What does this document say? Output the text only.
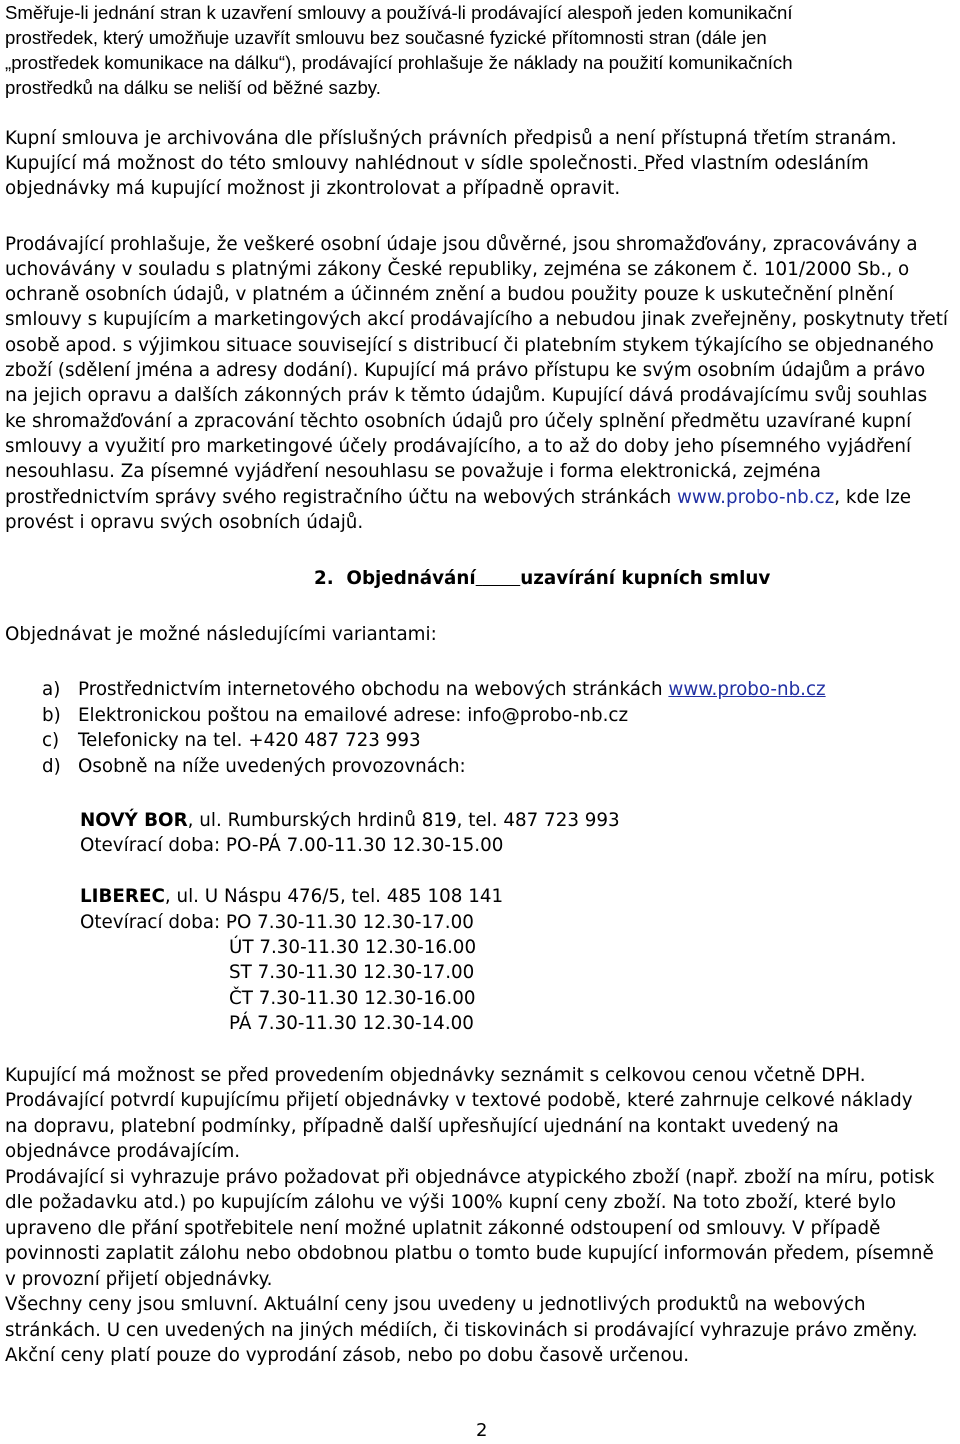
Směřuje-li jednání stran k uzavření smlouvy a používá-li prodávající alespoň jeden komunikační
prostředek, který umožňuje uzavřít smlouvu bez současné fyzické přítomnosti stran (dále jen
„prostředek komunikace na dálku“), prodávající prohlašuje že náklady na použití komunikačních
prostředků na dálku se neliší od běžné sazby.
Kupní smlouva je archivována dle příslušných právních předpisů a není přístupná třetím stranám.
Kupující má možnost do této smlouvy nahlédnout v sídle společnosti. Před vlastním odesláním
objednávky má kupující možnost ji zkontrolovat a případně opravit.
Prodávající prohlašuje, že veškeré osobní údaje jsou důvěrné, jsou shromažďovány, zpracovávány a
uchovávány v souladu s platnými zákony České republiky, zejména se zákonem č. 101/2000 Sb., o
ochraně osobních údajů, v platném a účinném znění a budou použity pouze k uskutečnění plnění
smlouvy s kupujícím a marketingových akcí prodávajícího a nebudou jinak zveřejněny, poskytnuty třetí
osobě apod. s výjimkou situace související s distribucí či platebním stykem týkajícího se objednaného
zboží (sdělení jména a adresy dodání). Kupující má právo přístupu ke svým osobním údajům a právo
na jejich opravu a dalších zákonných práv k těmto údajům. Kupující dává prodávajícímu svůj souhlas
ke shromažďování a zpracování těchto osobních údajů pro účely splnění předmětu uzavírané kupní
smlouvy a využití pro marketingové účely prodávajícího, a to až do doby jeho písemného vyjádření
nesouhlasu. Za písemné vyjádření nesouhlasu se považuje i forma elektronická, zejména
prostřednictvím správy svého registračního účtu na webových stránkách www.probo-nb.cz, kde lze
provést i opravu svých osobních údajů.
2. Objednávání uzavírání kupních smluv
Objednávat je možné následujícími variantami:
a) Prostřednictvím internetového obchodu na webových stránkách www.probo-nb.cz
b) Elektronickou poštou na emailové adrese: info@probo-nb.cz
c) Telefonicky na tel. +420 487 723 993
d) Osobně na níže uvedených provozovnách:
NOVÝ BOR, ul. Rumburských hrdinů 819, tel. 487 723 993
Otevírací doba: PO-PÁ 7.00-11.30 12.30-15.00
LIBEREC, ul. U Náspu 476/5, tel. 485 108 141
Otevírací doba: PO 7.30-11.30 12.30-17.00
ÚT 7.30-11.30 12.30-16.00
ST 7.30-11.30 12.30-17.00
ČT 7.30-11.30 12.30-16.00
PÁ 7.30-11.30 12.30-14.00
Kupující má možnost se před provedením objednávky seznámit s celkovou cenou včetně DPH.
Prodávající potvrdí kupujícímu přijetí objednávky v textové podobě, které zahrnuje celkové náklady
na dopravu, platební podmínky, případně další upřesňující ujednání na kontakt uvedený na
objednávce prodávajícím.
Prodávající si vyhrazuje právo požadovat při objednávce atypického zboží (např. zboží na míru, potisk
dle požadavku atd.) po kupujícím zálohu ve výši 100% kupní ceny zboží. Na toto zboží, které bylo
upraveno dle přání spotřebitele není možné uplatnit zákonné odstoupení od smlouvy. V případě
povinnosti zaplatit zálohu nebo obdobnou platbu o tomto bude kupující informován předem, písemně
v provozní přijetí objednávky.
Všechny ceny jsou smluvní. Aktuální ceny jsou uvedeny u jednotlivých produktů na webových
stránkách. U cen uvedených na jiných médiích, či tiskovinách si prodávající vyhrazuje právo změny.
Akční ceny platí pouze do vyprodání zásob, nebo po dobu časově určenou.
2
